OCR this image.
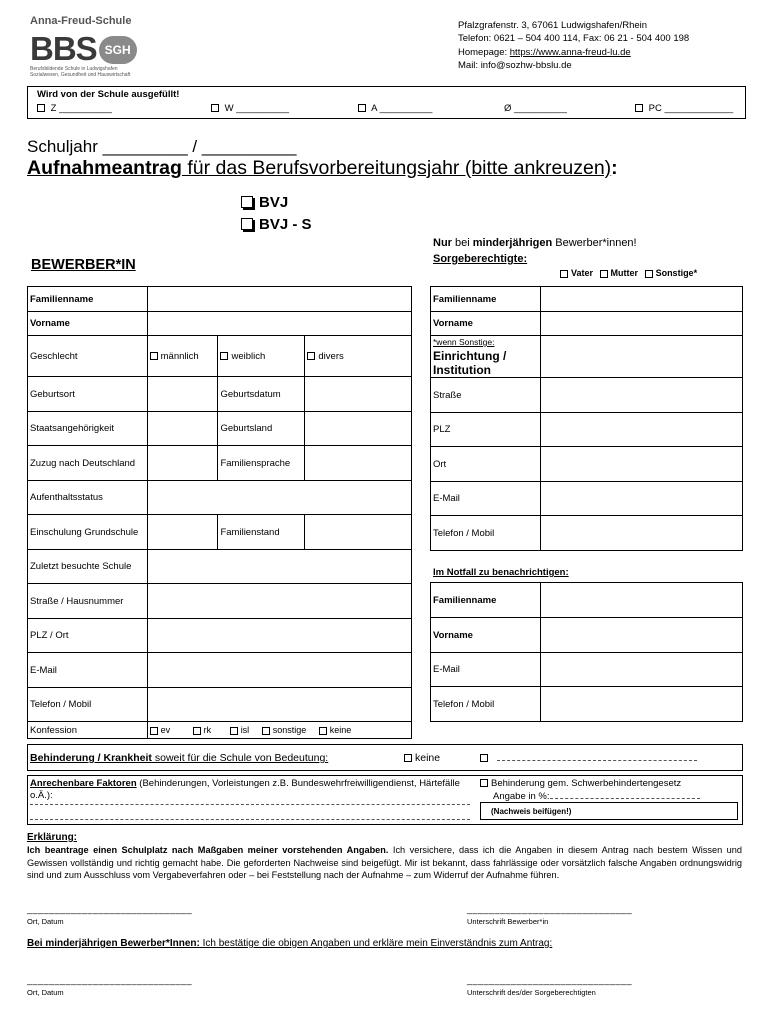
Anna-Freud-Schule
BBS SGH
Berufsbildende Schule in Ludwigshafen
Sozialwesen, Gesundheit und Hauswirtschaft
Pfalzgrafenstr. 3, 67061 Ludwigshafen/Rhein
Telefon: 0621 – 504 400 114, Fax: 06 21 - 504 400 198
Homepage: https://www.anna-freud-lu.de
Mail: info@sozhw-bbslu.de
Wird von der Schule ausgefüllt!
Z __________	W __________	A __________	Ø __________	PC _____________
Schuljahr _________ / __________
Aufnahmeantrag für das Berufsvorbereitungsjahr (bitte ankreuzen):
BVJ
BVJ - S
BEWERBER*IN
Nur bei minderjährigen Bewerber*innen!
Sorgeberechtigte:
Vater Mutter Sonstige*
Familienname			
Vorname			
Geschlecht	männlich	weiblich	divers
Geburtsort		Geburtsdatum	
Staatsangehörigkeit		Geburtsland	
Zuzug nach Deutschland		Familiensprache	
Aufenthaltsstatus			
Einschulung Grundschule		Familienstand	
Zuletzt besuchte Schule			
Straße / Hausnummer			
PLZ / Ort			
E-Mail			
Telefon / Mobil			
Konfession	ev rk isl sonstige keine		
Familienname	
Vorname	

*wenn Sonstige:
Einrichtung / Institution	

Straße	
PLZ	
Ort	
E-Mail	
Telefon / Mobil	
Im Notfall zu benachrichtigen:
Familienname	
Vorname	
E-Mail	
Telefon / Mobil	
Behinderung / Krankheit soweit für die Schule von Bedeutung:	keine
Anrechenbare Faktoren (Behinderungen, Vorleistungen z.B. Bundeswehrfreiwilligendienst, Härtefälle o.Ä.):
Behinderung gem. Schwerbehindertengesetz
Angabe in %:
(Nachweis beifügen!)
Erklärung:
Ich beantrage einen Schulplatz nach Maßgaben meiner vorstehenden Angaben. Ich versichere, dass ich die Angaben in diesem Antrag nach bestem Wissen und Gewissen vollständig und richtig gemacht habe. Die geforderten Nachweise sind beigefügt. Mir ist bekannt, dass fahrlässige oder vorsätzlich falsche Angaben ordnungswidrig sind und zum Ausschluss vom Vergabeverfahren oder – bei Feststellung nach der Aufnahme – zum Widerruf der Aufnahme führen.
______________________________
Ort, Datum
______________________________
Unterschrift Bewerber*in
Bei minderjährigen Bewerber*Innen: Ich bestätige die obigen Angaben und erkläre mein Einverständnis zum Antrag:
______________________________
Ort, Datum
______________________________
Unterschrift des/der Sorgeberechtigten
